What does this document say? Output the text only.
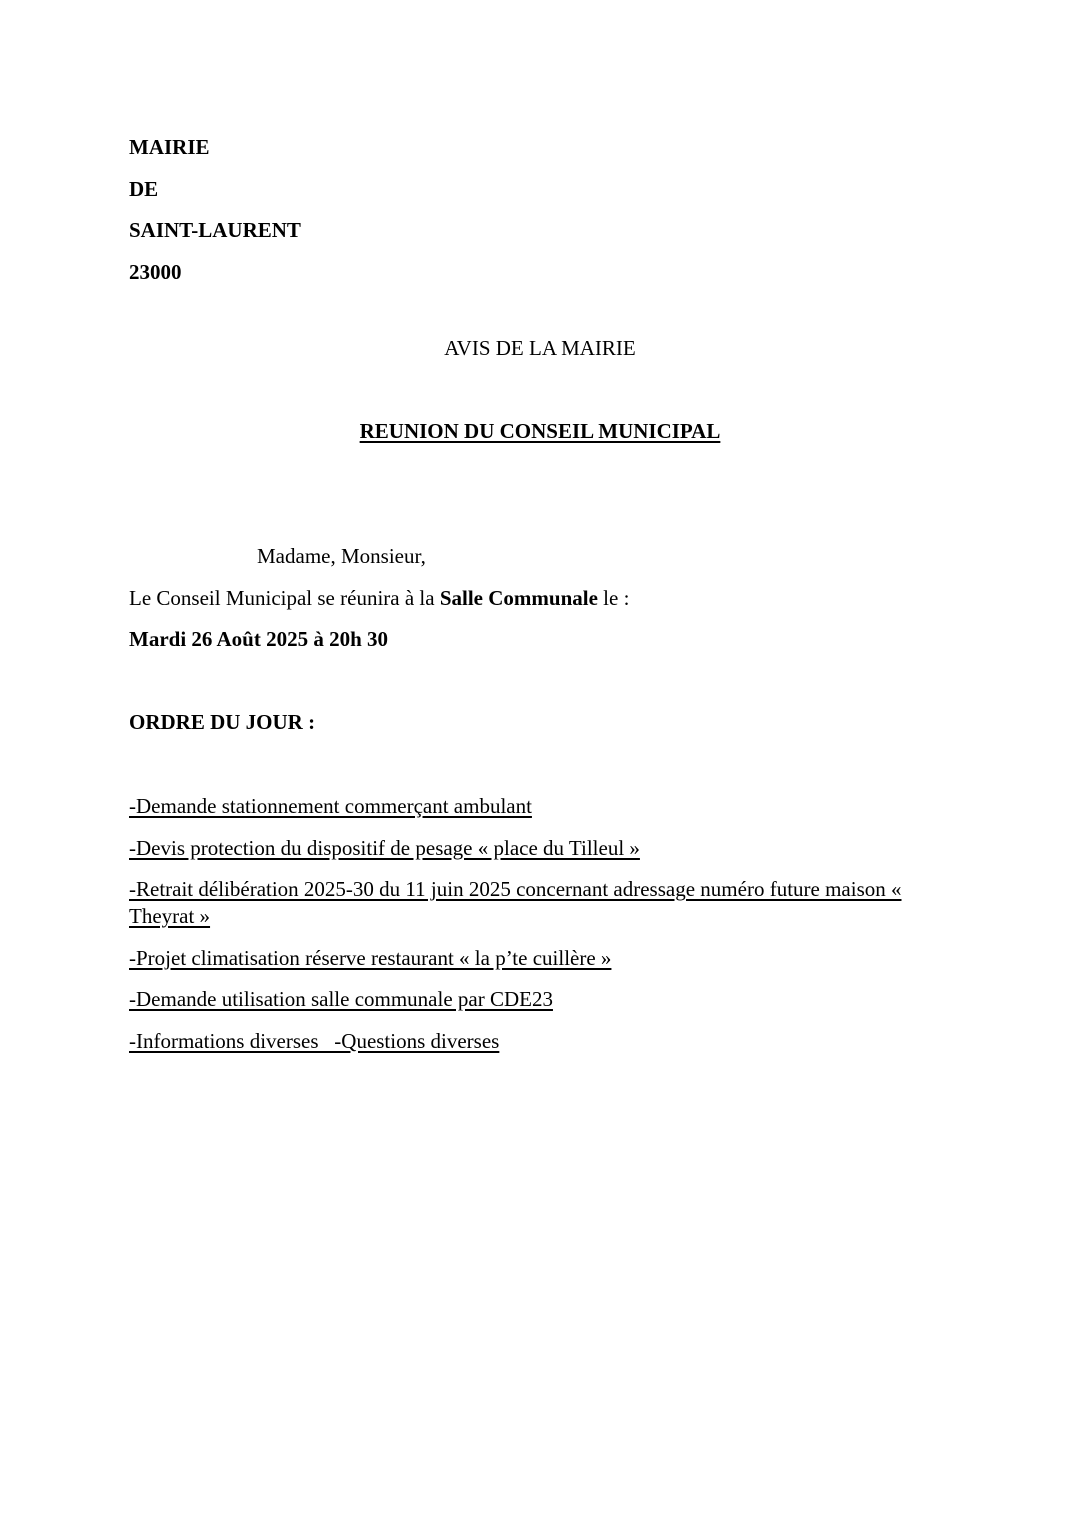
MAIRIE
DE
SAINT-LAURENT
23000
AVIS DE LA MAIRIE
REUNION DU CONSEIL MUNICIPAL
Madame, Monsieur,
Le Conseil Municipal se réunira à la Salle Communale le :
Mardi 26 Août 2025 à 20h 30
ORDRE DU JOUR :
-Demande stationnement commerçant ambulant
-Devis protection du dispositif de pesage « place du Tilleul »
-Retrait délibération 2025-30 du 11 juin 2025 concernant adressage numéro future maison « Theyrat »
-Projet climatisation réserve restaurant « la p’te cuillère »
-Demande utilisation salle communale par CDE23
-Informations diverses   -Questions diverses
